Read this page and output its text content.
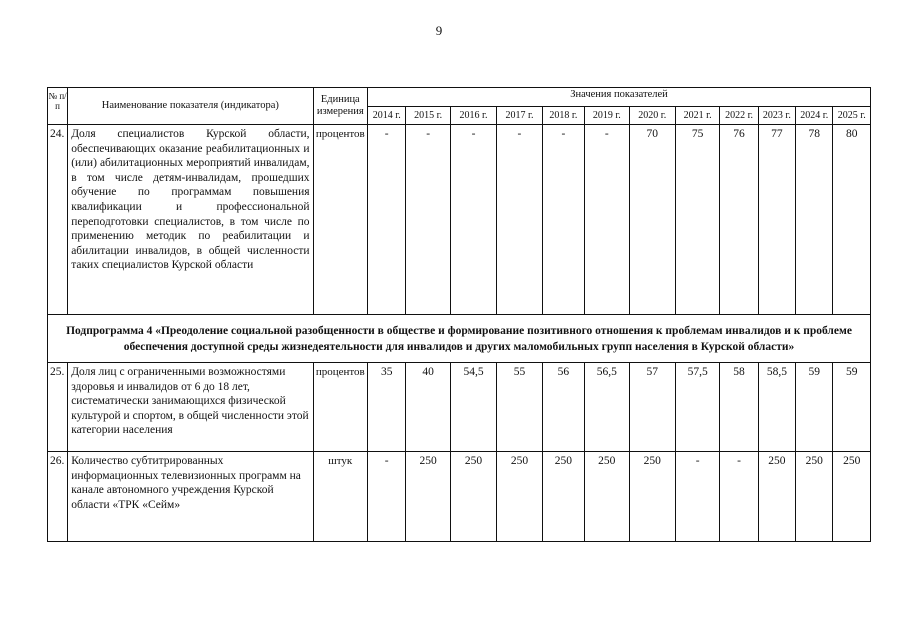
9
№ п/п	Наименование показателя (индикатора)	Единица измерения	Значения показателей											
			2014 г.	2015 г.	2016 г.	2017 г.	2018 г.	2019 г.	2020 г.	2021 г.	2022 г.	2023 г.	2024 г.	2025 г.
24.	Доля специалистов Курской области, обеспечивающих оказание реабилитационных и (или) абилитационных мероприятий инвалидам, в том числе детям-инвалидам, прошедших обучение по программам повышения квалификации и профессиональной переподготовки специалистов, в том числе по применению методик по реабилитации и абилитации инвалидов, в общей численности таких специалистов Курской области	процентов	-	-	-	-	-	-	70	75	76	77	78	80
Подпрограмма 4 «Преодоление социальной разобщенности в обществе и формирование позитивного отношения к проблемам инвалидов и к проблеме обеспечения доступной среды жизнедеятельности для инвалидов и других маломобильных групп населения в Курской области»														
25.	Доля лиц с ограниченными возможностями здоровья и инвалидов от 6 до 18 лет, систематически занимающихся физической культурой и спортом, в общей численности этой категории населения	процентов	35	40	54,5	55	56	56,5	57	57,5	58	58,5	59	59
26.	Количество субтитрированных информационных телевизионных программ на канале автономного учреждения Курской области «ТРК «Сейм»	штук	-	250	250	250	250	250	250	-	-	250	250	250
